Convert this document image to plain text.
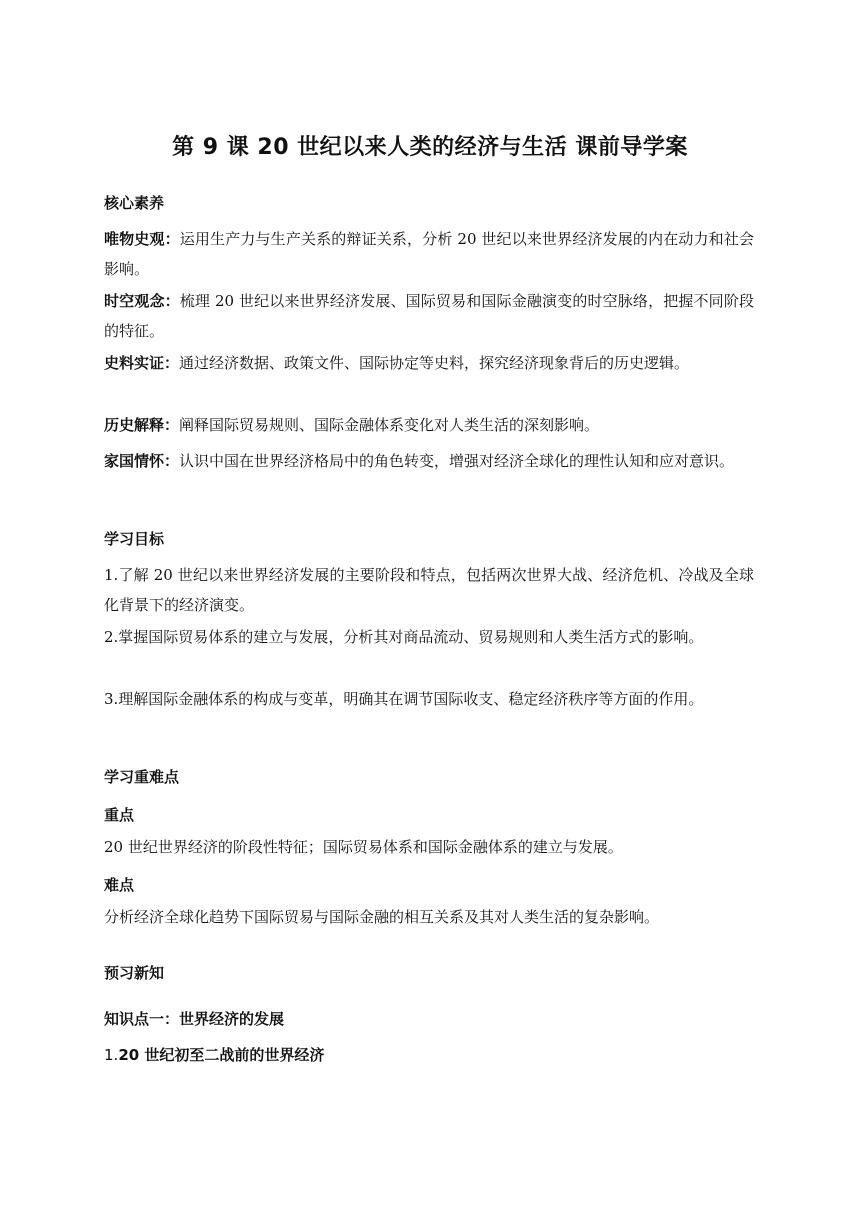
第 9 课 20 世纪以来人类的经济与生活 课前导学案
核心素养

唯物史观：运用生产力与生产关系的辩证关系，分析 20 世纪以来世界经济发展的内在动力和社会影响。

时空观念：梳理 20 世纪以来世界经济发展、国际贸易和国际金融演变的时空脉络，把握不同阶段的特征。

史料实证：通过经济数据、政策文件、国际协定等史料，探究经济现象背后的历史逻辑。

历史解释：阐释国际贸易规则、国际金融体系变化对人类生活的深刻影响。

家国情怀：认识中国在世界经济格局中的角色转变，增强对经济全球化的理性认知和应对意识。

学习目标

1.了解 20 世纪以来世界经济发展的主要阶段和特点，包括两次世界大战、经济危机、冷战及全球化背景下的经济演变。

2.掌握国际贸易体系的建立与发展，分析其对商品流动、贸易规则和人类生活方式的影响。

3.理解国际金融体系的构成与变革，明确其在调节国际收支、稳定经济秩序等方面的作用。

学习重难点
重点

20 世纪世界经济的阶段性特征；国际贸易体系和国际金融体系的建立与发展。

难点

分析经济全球化趋势下国际贸易与国际金融的相互关系及其对人类生活的复杂影响。

预习新知
知识点一：世界经济的发展
1.20 世纪初至二战前的世界经济
